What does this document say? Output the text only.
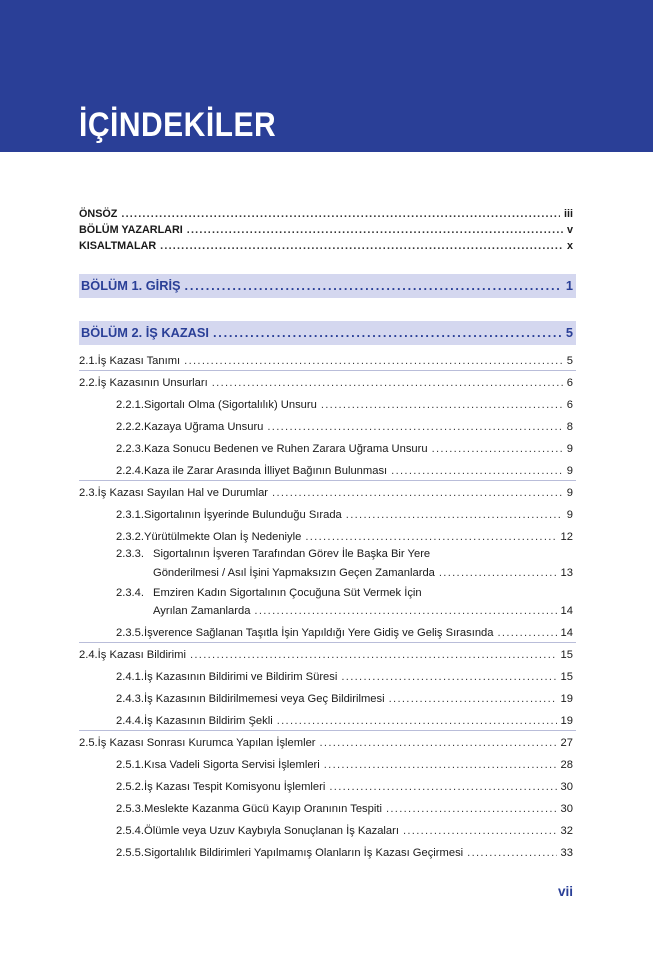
İÇİNDEKİLER
ÖNSÖZ . . .	iii
BÖLÜM YAZARLARI . . .	v
KISALTMALAR . . .	x
BÖLÜM 1. GİRİŞ . . .	1
BÖLÜM 2. İŞ KAZASI . . .	5
2.1. İş Kazası Tanımı . . .	5
2.2. İş Kazasının Unsurları . . .	6
2.2.1. Sigortalı Olma (Sigortalılık) Unsuru . . .	6
2.2.2. Kazaya Uğrama Unsuru . . .	8
2.2.3. Kaza Sonucu Bedenen ve Ruhen Zarara Uğrama Unsuru . . .	9
2.2.4. Kaza ile Zarar Arasında İlliyet Bağının Bulunması . . .	9
2.3. İş Kazası Sayılan Hal ve Durumlar . . .	9
2.3.1. Sigortalının İşyerinde Bulunduğu Sırada . . .	9
2.3.2. Yürütülmekte Olan İş Nedeniyle . . .	12
2.3.3. Sigortalının İşveren Tarafından Görev İle Başka Bir Yere
Gönderilmesi / Asıl İşini Yapmaksızın Geçen Zamanlarda . . .	13
2.3.4. Emziren Kadın Sigortalının Çocuğuna Süt Vermek İçin
Ayrılan Zamanlarda . . .	14
2.3.5. İşverence Sağlanan Taşıtla İşin Yapıldığı Yere Gidiş ve Geliş Sırasında . . .	14
2.4. İş Kazası Bildirimi . . .	15
2.4.1. İş Kazasının Bildirimi ve Bildirim Süresi . . .	15
2.4.3. İş Kazasının Bildirilmemesi veya Geç Bildirilmesi . . .	19
2.4.4. İş Kazasının Bildirim Şekli . . .	19
2.5. İş Kazası Sonrası Kurumca Yapılan İşlemler . . .	27
2.5.1. Kısa Vadeli Sigorta Servisi İşlemleri . . .	28
2.5.2. İş Kazası Tespit Komisyonu İşlemleri . . .	30
2.5.3. Meslekte Kazanma Gücü Kayıp Oranının Tespiti . . .	30
2.5.4. Ölümle veya Uzuv Kaybıyla Sonuçlanan İş Kazaları . . .	32
2.5.5. Sigortalılık Bildirimleri Yapılmamış Olanların İş Kazası Geçirmesi . . .	33
vii
